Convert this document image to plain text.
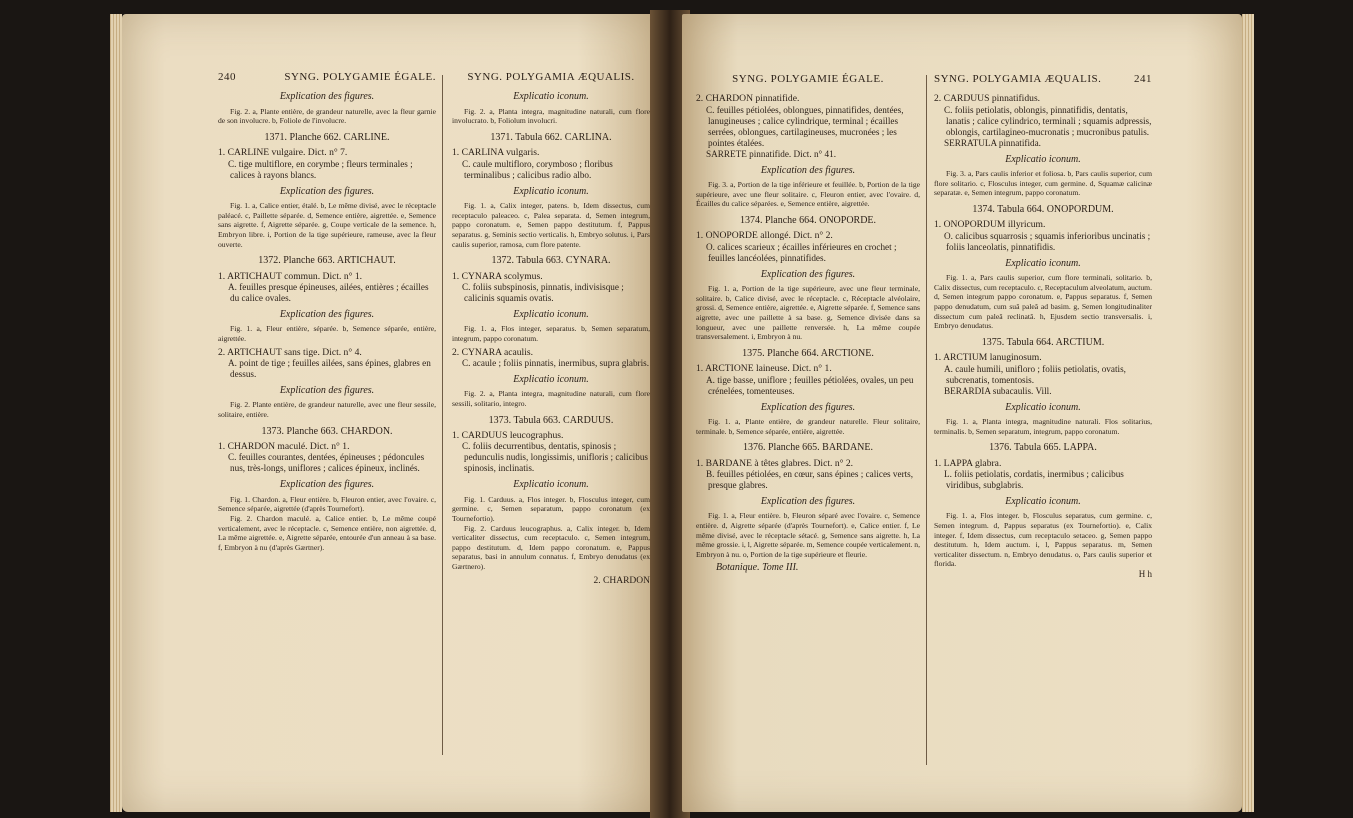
240	SYNG. POLYGAMIE ÉGALE.
Explication des figures.
Fig. 2. a, Plante entière, de grandeur naturelle, avec la fleur garnie de son involucre. b, Foliole de l'involucre.
1371. Planche 662. CARLINE.
1. CARLINE vulgaire. Dict. n° 7.
C. tige multiflore, en corymbe ; fleurs terminales ; calices à rayons blancs.
Explication des figures.
Fig. 1. a, Calice entier, étalé. b, Le même divisé, avec le réceptacle paléacé. c, Paillette séparée. d, Semence entière, aigrettée. e, Semence sans aigrette. f, Aigrette séparée. g, Coupe verticale de la semence. h, Embryon libre. i, Portion de la tige supérieure, rameuse, avec la fleur ouverte.
1372. Planche 663. ARTICHAUT.
1. ARTICHAUT commun. Dict. n° 1.
A. feuilles presque épineuses, ailées, entières ; écailles du calice ovales.
Explication des figures.
Fig. 1. a, Fleur entière, séparée. b, Semence séparée, entière, aigrettée.
2. ARTICHAUT sans tige. Dict. n° 4.
A. point de tige ; feuilles ailées, sans épines, glabres en dessus.
Explication des figures.
Fig. 2. Plante entière, de grandeur naturelle, avec une fleur sessile, solitaire, entière.
1373. Planche 663. CHARDON.
1. CHARDON maculé. Dict. n° 1.
C. feuilles courantes, dentées, épineuses ; pédoncules nus, très-longs, uniflores ; calices épineux, inclinés.
Explication des figures.
Fig. 1. Chardon. a, Fleur entière. b, Fleuron entier, avec l'ovaire. c, Semence séparée, aigrettée (d'après Tournefort).
Fig. 2. Chardon maculé. a, Calice entier. b, Le même coupé verticalement, avec le réceptacle. c, Semence entière, non aigrettée. d, La même aigrettée. e, Aigrette séparée, entourée d'un anneau à sa base. f, Embryon à nu (d'après Gærtner).
SYNG. POLYGAMIA ÆQUALIS.
Explicatio iconum.
Fig. 2. a, Planta integra, magnitudine naturali, cum flore involucrato. b, Foliolum involucri.
1371. Tabula 662. CARLINA.
1. CARLINA vulgaris.
C. caule multifloro, corymboso ; floribus terminalibus ; calicibus radio albo.
Explicatio iconum.
Fig. 1. a, Calix integer, patens. b, Idem dissectus, cum receptaculo paleaceo. c, Palea separata. d, Semen integrum, pappo coronatum. e, Semen pappo destitutum. f, Pappus separatus. g, Seminis sectio verticalis. h, Embryo solutus. i, Pars caulis superior, ramosa, cum flore patente.
1372. Tabula 663. CYNARA.
1. CYNARA scolymus.
C. foliis subspinosis, pinnatis, indivisisque ; calicinis squamis ovatis.
Explicatio iconum.
Fig. 1. a, Flos integer, separatus. b, Semen separatum, integrum, pappo coronatum.
2. CYNARA acaulis.
C. acaule ; foliis pinnatis, inermibus, supra glabris.
Explicatio iconum.
Fig. 2. a, Planta integra, magnitudine naturali, cum flore sessili, solitario, integro.
1373. Tabula 663. CARDUUS.
1. CARDUUS leucographus.
C. foliis decurrentibus, dentatis, spinosis ; pedunculis nudis, longissimis, unifloris ; calicibus spinosis, inclinatis.
Explicatio iconum.
Fig. 1. Carduus. a, Flos integer. b, Flosculus integer, cum germine. c, Semen separatum, pappo coronatum (ex Tournefortio).
Fig. 2. Carduus leucographus. a, Calix integer. b, Idem verticaliter dissectus, cum receptaculo. c, Semen integrum, pappo destitutum. d, Idem pappo coronatum. e, Pappus separatus, basi in annulum connatus. f, Embryo denudatus (ex Gærtnero).
2. CHARDON
SYNG. POLYGAMIE ÉGALE.
2. CHARDON pinnatifide.
C. feuilles pétiolées, oblongues, pinnatifides, dentées, lanugineuses ; calice cylindrique, terminal ; écailles serrées, oblongues, cartilagineuses, mucronées ; les pointes étalées.
SARRETE pinnatifide. Dict. n° 41.
Explication des figures.
Fig. 3. a, Portion de la tige inférieure et feuillée. b, Portion de la tige supérieure, avec une fleur solitaire. c, Fleuron entier, avec l'ovaire. d, Écailles du calice séparées. e, Semence entière, aigrettée.
1374. Planche 664. ONOPORDE.
1. ONOPORDE allongé. Dict. n° 2.
O. calices scarieux ; écailles inférieures en crochet ; feuilles lancéolées, pinnatifides.
Explication des figures.
Fig. 1. a, Portion de la tige supérieure, avec une fleur terminale, solitaire. b, Calice divisé, avec le réceptacle. c, Réceptacle alvéolaire, grossi. d, Semence entière, aigrettée. e, Aigrette séparée. f, Semence sans aigrette, avec une paillette à sa base. g, Semence divisée dans sa longueur, avec une paillette renversée. h, La même coupée transversalement. i, Embryon à nu.
1375. Planche 664. ARCTIONE.
1. ARCTIONE laineuse. Dict. n° 1.
A. tige basse, uniflore ; feuilles pétiolées, ovales, un peu crénelées, tomenteuses.
Explication des figures.
Fig. 1. a, Plante entière, de grandeur naturelle. Fleur solitaire, terminale. b, Semence séparée, entière, aigrettée.
1376. Planche 665. BARDANE.
1. BARDANE à têtes glabres. Dict. n° 2.
B. feuilles pétiolées, en cœur, sans épines ; calices verts, presque glabres.
Explication des figures.
Fig. 1. a, Fleur entière. b, Fleuron séparé avec l'ovaire. c, Semence entière. d, Aigrette séparée (d'après Tournefort). e, Calice entier. f, Le même divisé, avec le réceptacle sétacé. g, Semence sans aigrette. h, La même grossie. i, l, Aigrette séparée. m, Semence coupée verticalement. n, Embryon à nu. o, Portion de la tige supérieure et fleurie.
Botanique. Tome III.
SYNG. POLYGAMIA ÆQUALIS.	241
2. CARDUUS pinnatifidus.
C. foliis petiolatis, oblongis, pinnatifidis, dentatis, lanatis ; calice cylindrico, terminali ; squamis adpressis, oblongis, cartilagineo-mucronatis ; mucronibus patulis.
SERRATULA pinnatifida.
Explicatio iconum.
Fig. 3. a, Pars caulis inferior et foliosa. b, Pars caulis superior, cum flore solitario. c, Flosculus integer, cum germine. d, Squamæ calicinæ separatæ. e, Semen integrum, pappo coronatum.
1374. Tabula 664. ONOPORDUM.
1. ONOPORDUM illyricum.
O. calicibus squarrosis ; squamis inferioribus uncinatis ; foliis lanceolatis, pinnatifidis.
Explicatio iconum.
Fig. 1. a, Pars caulis superior, cum flore terminali, solitario. b, Calix dissectus, cum receptaculo. c, Receptaculum alveolatum, auctum. d, Semen integrum pappo coronatum. e, Pappus separatus. f, Semen pappo denudatum, cum suâ paleâ ad basim. g, Semen longitudinaliter dissectum cum paleâ reclinatâ. h, Ejusdem sectio transversalis. i, Embryo denudatus.
1375. Tabula 664. ARCTIUM.
1. ARCTIUM lanuginosum.
A. caule humili, unifloro ; foliis petiolatis, ovatis, subcrenatis, tomentosis.
BERARDIA subacaulis. Vill.
Explicatio iconum.
Fig. 1. a, Planta integra, magnitudine naturali. Flos solitarius, terminalis. b, Semen separatum, integrum, pappo coronatum.
1376. Tabula 665. LAPPA.
1. LAPPA glabra.
L. foliis petiolatis, cordatis, inermibus ; calicibus viridibus, subglabris.
Explicatio iconum.
Fig. 1. a, Flos integer. b, Flosculus separatus, cum germine. c, Semen integrum. d, Pappus separatus (ex Tournefortio). e, Calix integer. f, Idem dissectus, cum receptaculo setaceo. g, Semen pappo destitutum. h, Idem auctum. i, l, Pappus separatus. m, Semen verticaliter dissectum. n, Embryo denudatus. o, Pars caulis superior et florida.
H h
